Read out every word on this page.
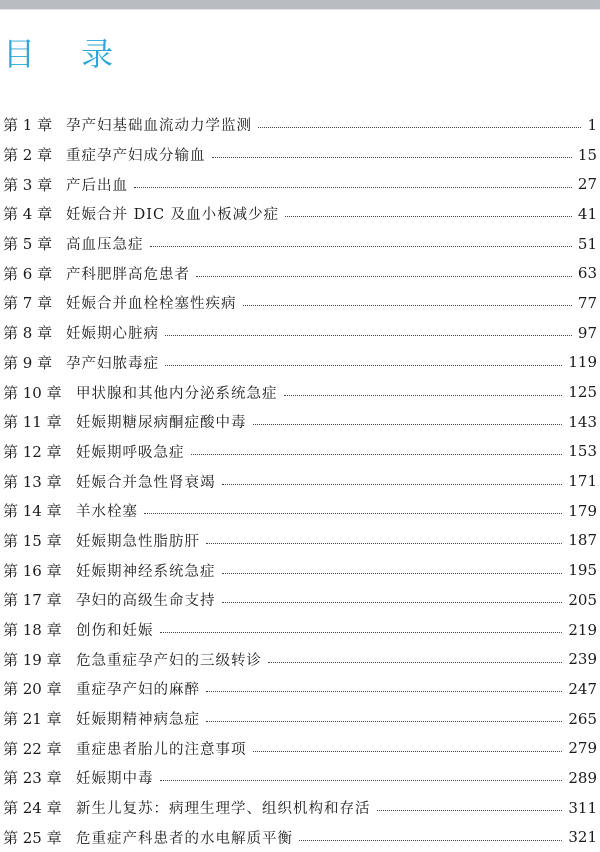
目 录
第 1 章 孕产妇基础血流动力学监测	1
第 2 章 重症孕产妇成分输血	15
第 3 章 产后出血	27
第 4 章 妊娠合并 DIC 及血小板减少症	41
第 5 章 高血压急症	51
第 6 章 产科肥胖高危患者	63
第 7 章 妊娠合并血栓栓塞性疾病	77
第 8 章 妊娠期心脏病	97
第 9 章 孕产妇脓毒症	119
第 10 章 甲状腺和其他内分泌系统急症	125
第 11 章 妊娠期糖尿病酮症酸中毒	143
第 12 章 妊娠期呼吸急症	153
第 13 章 妊娠合并急性肾衰竭	171
第 14 章 羊水栓塞	179
第 15 章 妊娠期急性脂肪肝	187
第 16 章 妊娠期神经系统急症	195
第 17 章 孕妇的高级生命支持	205
第 18 章 创伤和妊娠	219
第 19 章 危急重症孕产妇的三级转诊	239
第 20 章 重症孕产妇的麻醉	247
第 21 章 妊娠期精神病急症	265
第 22 章 重症患者胎儿的注意事项	279
第 23 章 妊娠期中毒	289
第 24 章 新生儿复苏：病理生理学、组织机构和存活	311
第 25 章 危重症产科患者的水电解质平衡	321
